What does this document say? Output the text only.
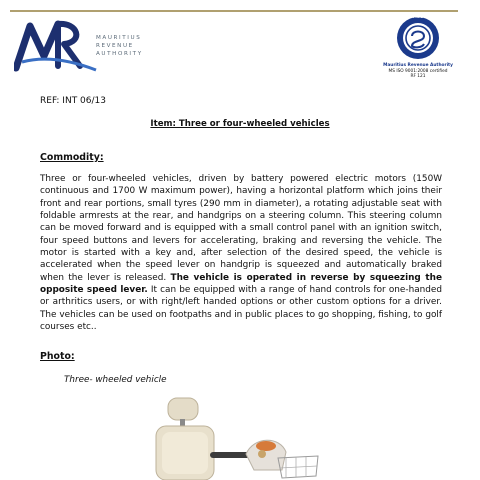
MAURITIUS
REVENUE
AUTHORITY
MSB
Mauritius Revenue Authority
MS ISO 9001:2008 certified
RF 121
REF: INT 06/13
Item: Three or four-wheeled vehicles
Commodity:

Three or four-wheeled vehicles, driven by battery powered electric motors (150W continuous and 1700 W maximum power), having a horizontal platform which joins their front and rear portions, small tyres (290 mm in diameter), a rotating adjustable seat with foldable armrests at the rear, and handgrips on a steering column. This steering column can be moved forward and is equipped with a small control panel with an ignition switch, four speed buttons and levers for accelerating, braking and reversing the vehicle. The motor is started with a key and, after selection of the desired speed, the vehicle is accelerated when the speed lever on handgrip is squeezed and automatically braked when the lever is released. The vehicle is operated in reverse by squeezing the opposite speed lever. It can be equipped with a range of hand controls for one-handed or arthritics users, or with right/left handed options or other custom options for a driver. The vehicles can be used on footpaths and in public places to go shopping, fishing, to golf courses etc..

Photo:
Three- wheeled vehicle
